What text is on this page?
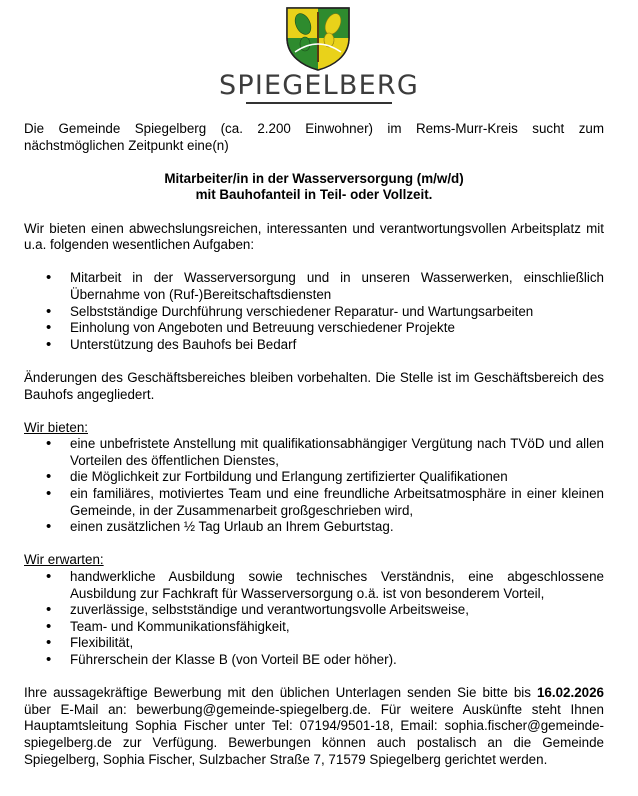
SPIEGELBERG

Die Gemeinde Spiegelberg (ca. 2.200 Einwohner) im Rems-Murr-Kreis sucht zum nächstmöglichen Zeitpunkt eine(n)

Mitarbeiter/in in der Wasserversorgung (m/w/d)

mit Bauhofanteil in Teil- oder Vollzeit.

Wir bieten einen abwechslungsreichen, interessanten und verantwortungsvollen Arbeitsplatz mit u.a. folgenden wesentlichen Aufgaben:

• Mitarbeit in der Wasserversorgung und in unseren Wasserwerken, einschließlich Übernahme von (Ruf-)Bereitschaftsdiensten
• Selbstständige Durchführung verschiedener Reparatur- und Wartungsarbeiten
• Einholung von Angeboten und Betreuung verschiedener Projekte
• Unterstützung des Bauhofs bei Bedarf

Änderungen des Geschäftsbereiches bleiben vorbehalten. Die Stelle ist im Geschäftsbereich des Bauhofs angegliedert.

Wir bieten:

• eine unbefristete Anstellung mit qualifikationsabhängiger Vergütung nach TVöD und allen Vorteilen des öffentlichen Dienstes,
• die Möglichkeit zur Fortbildung und Erlangung zertifizierter Qualifikationen
• ein familiäres, motiviertes Team und eine freundliche Arbeitsatmosphäre in einer kleinen Gemeinde, in der Zusammenarbeit großgeschrieben wird,
• einen zusätzlichen ½ Tag Urlaub an Ihrem Geburtstag.

Wir erwarten:

• handwerkliche Ausbildung sowie technisches Verständnis, eine abgeschlossene Ausbildung zur Fachkraft für Wasserversorgung o.ä. ist von besonderem Vorteil,
• zuverlässige, selbstständige und verantwortungsvolle Arbeitsweise,
• Team- und Kommunikationsfähigkeit,
• Flexibilität,
• Führerschein der Klasse B (von Vorteil BE oder höher).

Ihre aussagekräftige Bewerbung mit den üblichen Unterlagen senden Sie bitte bis 16.02.2026 über E-Mail an: bewerbung@gemeinde-spiegelberg.de. Für weitere Auskünfte steht Ihnen Hauptamtsleitung Sophia Fischer unter Tel: 07194/9501-18, Email: sophia.fischer@gemeinde-spiegelberg.de zur Verfügung. Bewerbungen können auch postalisch an die Gemeinde Spiegelberg, Sophia Fischer, Sulzbacher Straße 7, 71579 Spiegelberg gerichtet werden.
